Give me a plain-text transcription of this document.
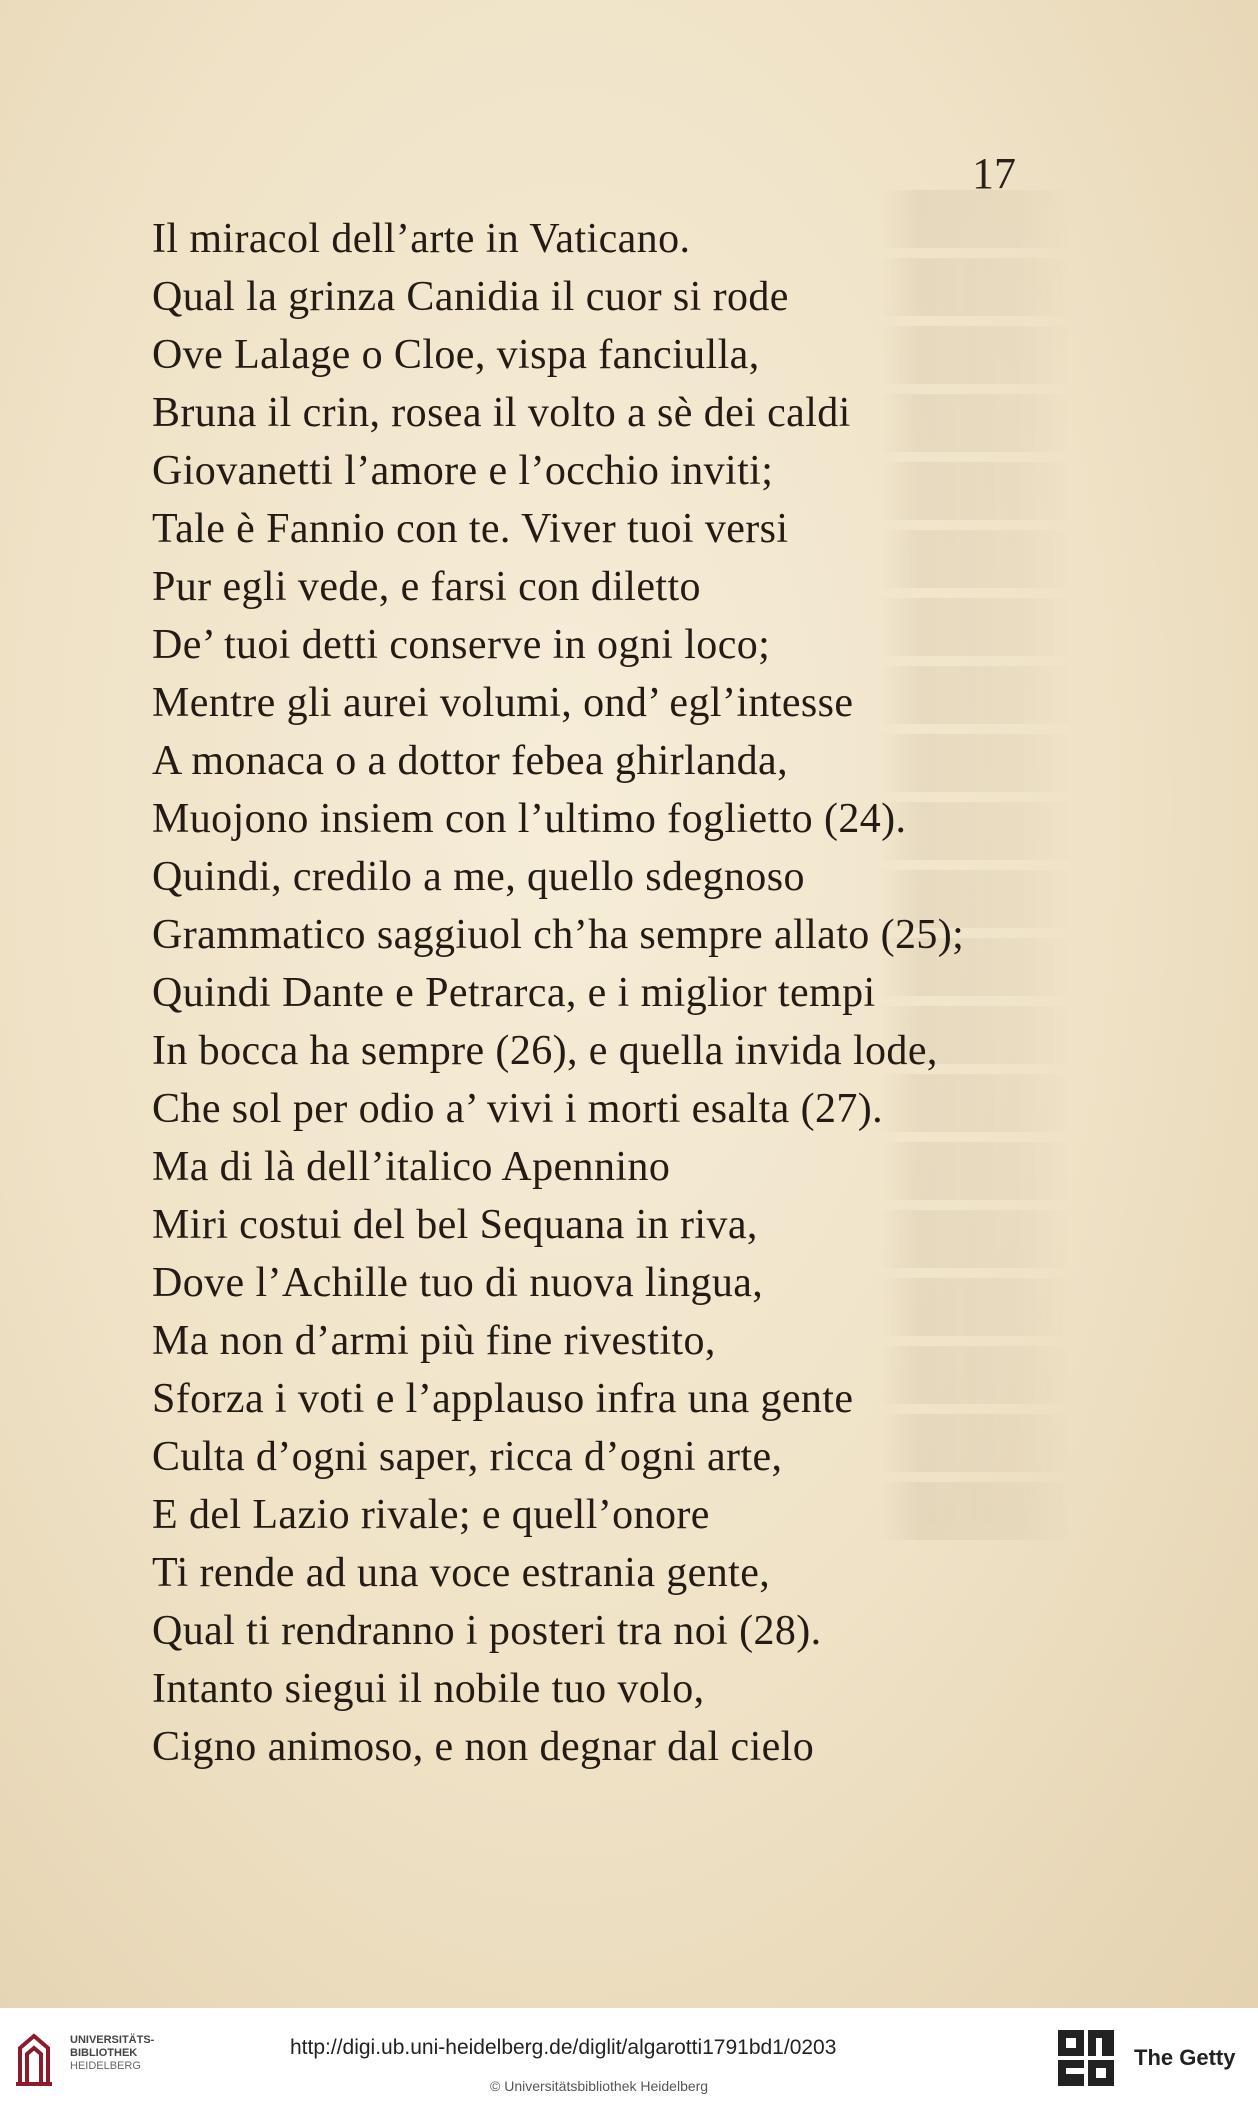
17
Il miracol dell’arte in Vaticano.
Qual la grinza Canidia il cuor si rode
Ove Lalage o Cloe, vispa fanciulla,
Bruna il crin, rosea il volto a sè dei caldi
Giovanetti l’amore e l’occhio inviti;
Tale è Fannio con te. Viver tuoi versi
Pur egli vede, e farsi con diletto
De’ tuoi detti conserve in ogni loco;
Mentre gli aurei volumi, ond’ egl’intesse
A monaca o a dottor febea ghirlanda,
Muojono insiem con l’ultimo foglietto (24).
Quindi, credilo a me, quello sdegnoso
Grammatico saggiuol ch’ha sempre allato (25);
Quindi Dante e Petrarca, e i miglior tempi
In bocca ha sempre (26), e quella invida lode,
Che sol per odio a’ vivi i morti esalta (27).
Ma di là dell’italico Apennino
Miri costui del bel Sequana in riva,
Dove l’Achille tuo di nuova lingua,
Ma non d’armi più fine rivestito,
Sforza i voti e l’applauso infra una gente
Culta d’ogni saper, ricca d’ogni arte,
E del Lazio rivale; e quell’onore
Ti rende ad una voce estrania gente,
Qual ti rendranno i posteri tra noi (28).
Intanto siegui il nobile tuo volo,
Cigno animoso, e non degnar dal cielo
UNIVERSITÄTS-
BIBLIOTHEK
HEIDELBERG
http://digi.ub.uni-heidelberg.de/diglit/algarotti1791bd1/0203
© Universitätsbibliothek Heidelberg
The Getty
